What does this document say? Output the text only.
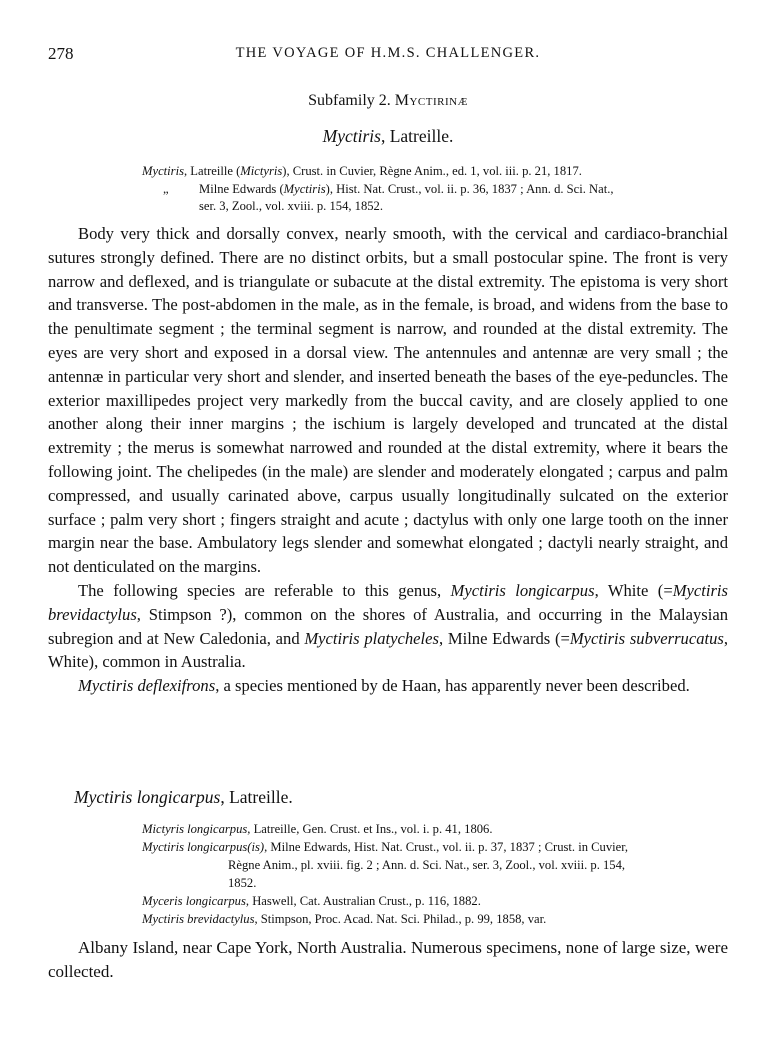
278	THE VOYAGE OF H.M.S. CHALLENGER.
Subfamily 2. Myctirinæ
Myctiris, Latreille.
Myctiris, Latreille (Mictyris), Crust. in Cuvier, Règne Anim., ed. 1, vol. iii. p. 21, 1817.
„ Milne Edwards (Myctiris), Hist. Nat. Crust., vol. ii. p. 36, 1837 ; Ann. d. Sci. Nat.,
ser. 3, Zool., vol. xviii. p. 154, 1852.

Body very thick and dorsally convex, nearly smooth, with the cervical and cardiaco-branchial sutures strongly defined. There are no distinct orbits, but a small postocular spine. The front is very narrow and deflexed, and is triangulate or subacute at the distal extremity. The epistoma is very short and transverse. The post-abdomen in the male, as in the female, is broad, and widens from the base to the penultimate segment ; the terminal segment is narrow, and rounded at the distal extremity. The eyes are very short and exposed in a dorsal view. The antennules and antennæ are very small ; the antennæ in particular very short and slender, and inserted beneath the bases of the eye-peduncles. The exterior maxillipedes project very markedly from the buccal cavity, and are closely applied to one another along their inner margins ; the ischium is largely developed and truncated at the distal extremity ; the merus is somewhat narrowed and rounded at the distal extremity, where it bears the following joint. The chelipedes (in the male) are slender and moderately elongated ; carpus and palm compressed, and usually carinated above, carpus usually longitudinally sulcated on the exterior surface ; palm very short ; fingers straight and acute ; dactylus with only one large tooth on the inner margin near the base. Ambulatory legs slender and somewhat elongated ; dactyli nearly straight, and not denticulated on the margins.

The following species are referable to this genus, Myctiris longicarpus, White (=Myctiris brevidactylus, Stimpson ?), common on the shores of Australia, and occurring in the Malaysian subregion and at New Caledonia, and Myctiris platycheles, Milne Edwards (=Myctiris subverrucatus, White), common in Australia.

Myctiris deflexifrons, a species mentioned by de Haan, has apparently never been described.

Myctiris longicarpus, Latreille.
Mictyris longicarpus, Latreille, Gen. Crust. et Ins., vol. i. p. 41, 1806.
Myctiris longicarpus(is), Milne Edwards, Hist. Nat. Crust., vol. ii. p. 37, 1837 ; Crust. in Cuvier,
Règne Anim., pl. xviii. fig. 2 ; Ann. d. Sci. Nat., ser. 3, Zool., vol. xviii. p. 154,
1852.
Myceris longicarpus, Haswell, Cat. Australian Crust., p. 116, 1882.
Myctiris brevidactylus, Stimpson, Proc. Acad. Nat. Sci. Philad., p. 99, 1858, var.

Albany Island, near Cape York, North Australia. Numerous specimens, none of large size, were collected.
